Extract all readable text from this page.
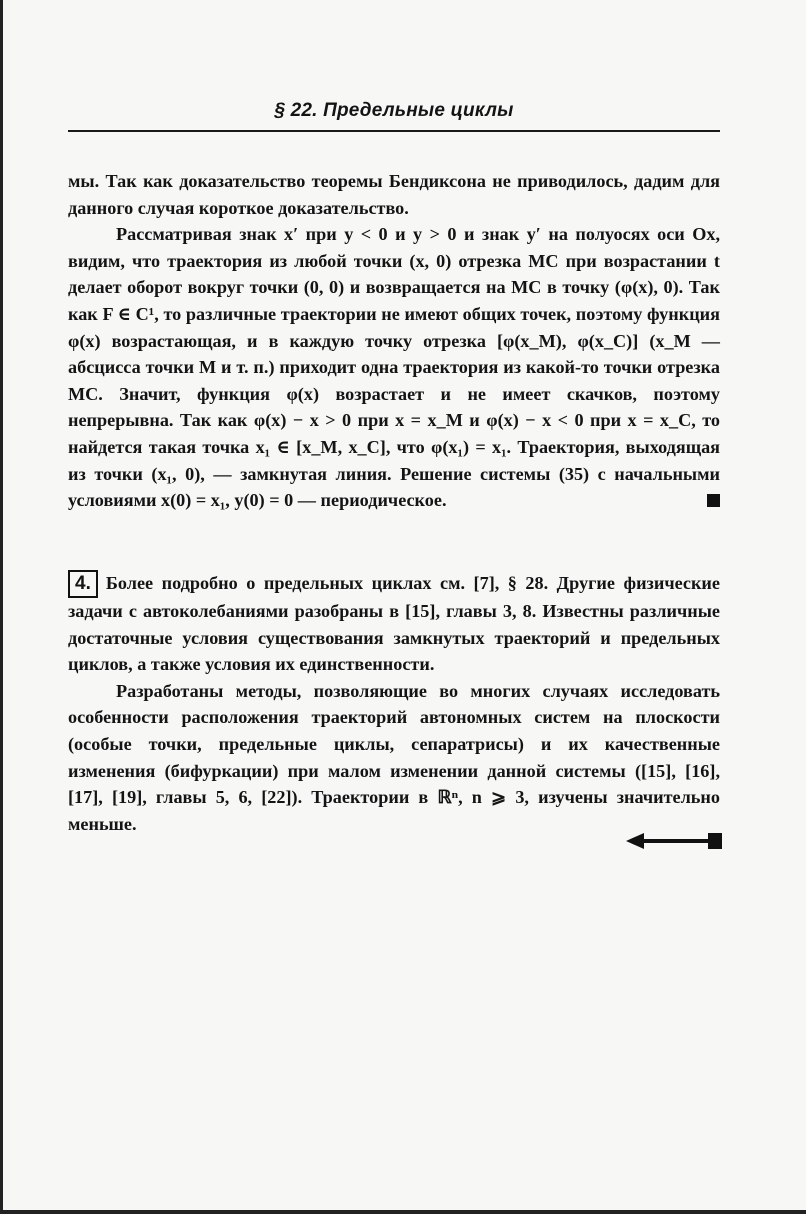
§ 22. Предельные циклы

мы. Так как доказательство теоремы Бендиксона не приводилось, дадим для данного случая короткое доказательство.

Рассматривая знак x′ при y < 0 и y > 0 и знак y′ на полуосях оси Ox, видим, что траектория из любой точки (x, 0) отрезка MC при возрастании t делает оборот вокруг точки (0, 0) и возвращается на MC в точку (φ(x), 0). Так как F ∈ C¹, то различные траектории не имеют общих точек, поэтому функция φ(x) возрастающая, и в каждую точку отрезка [φ(x_M), φ(x_C)] (x_M — абсцисса точки M и т. п.) приходит одна траектория из какой-то точки отрезка MC. Значит, функция φ(x) возрастает и не имеет скачков, поэтому непрерывна. Так как φ(x) − x > 0 при x = x_M и φ(x) − x < 0 при x = x_C, то найдется такая точка x₁ ∈ [x_M, x_C], что φ(x₁) = x₁. Траектория, выходящая из точки (x₁, 0), — замкнутая линия. Решение системы (35) с начальными условиями x(0) = x₁, y(0) = 0 — периодическое.

4. Более подробно о предельных циклах см. [7], § 28. Другие физические задачи с автоколебаниями разобраны в [15], главы 3, 8. Известны различные достаточные условия существования замкнутых траекторий и предельных циклов, а также условия их единственности.

Разработаны методы, позволяющие во многих случаях исследовать особенности расположения траекторий автономных систем на плоскости (особые точки, предельные циклы, сепаратрисы) и их качественные изменения (бифуркации) при малом изменении данной системы ([15], [16], [17], [19], главы 5, 6, [22]). Траектории в ℝⁿ, n ⩾ 3, изучены значительно меньше.
